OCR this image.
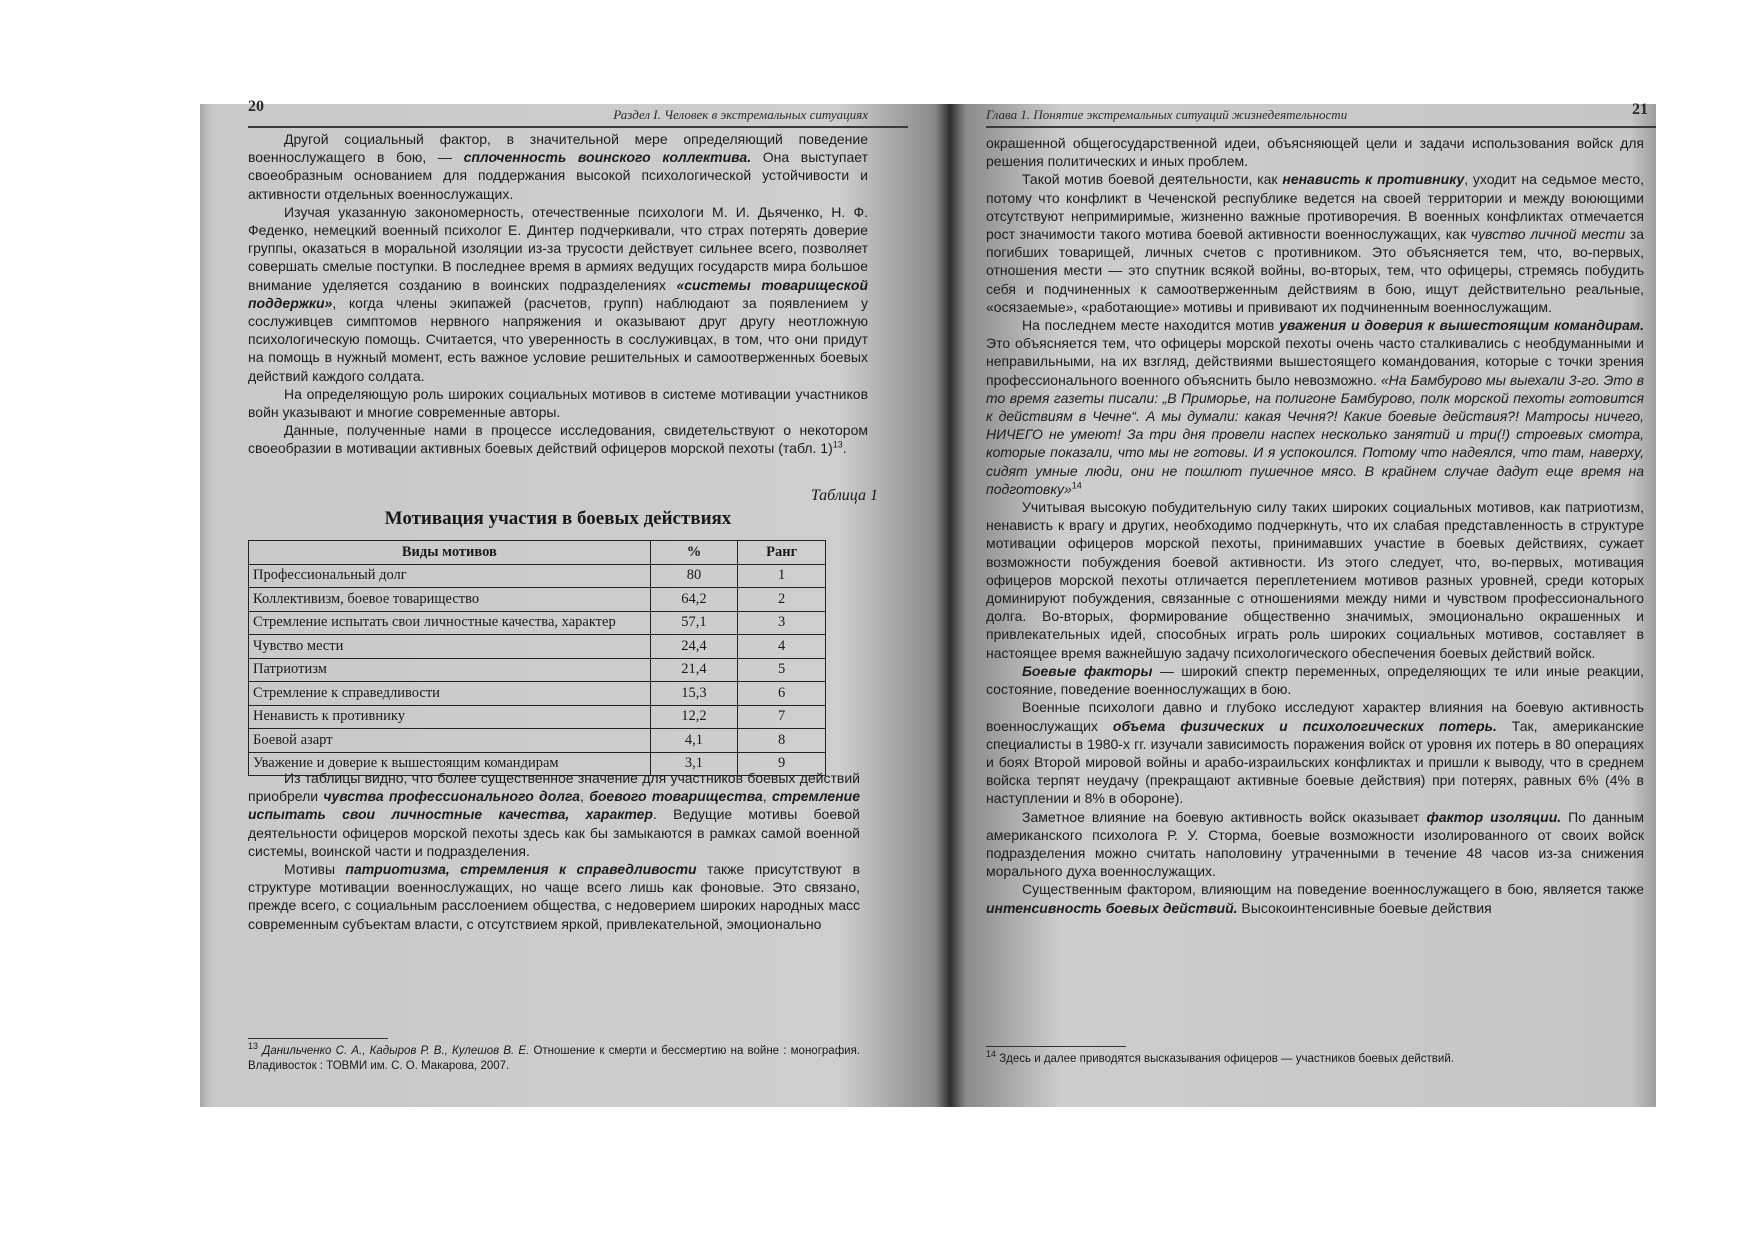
20	Раздел I. Человек в экстремальных ситуациях

Другой социальный фактор, в значительной мере определяющий поведение военнослужащего в бою, — сплоченность воинского коллектива. Она выступает своеобразным основанием для поддержания высокой психологической устойчивости и активности отдельных военнослужащих.

Изучая указанную закономерность, отечественные психологи М. И. Дьяченко, Н. Ф. Феденко, немецкий военный психолог Е. Динтер подчеркивали, что страх потерять доверие группы, оказаться в моральной изоляции из-за трусости действует сильнее всего, позволяет совершать смелые поступки. В последнее время в армиях ведущих государств мира большое внимание уделяется созданию в воинских подразделениях «системы товарищеской поддержки», когда члены экипажей (расчетов, групп) наблюдают за появлением у сослуживцев симптомов нервного напряжения и оказывают друг другу неотложную психологическую помощь. Считается, что уверенность в сослуживцах, в том, что они придут на помощь в нужный момент, есть важное условие решительных и самоотверженных боевых действий каждого солдата.

На определяющую роль широких социальных мотивов в системе мотивации участников войн указывают и многие современные авторы.

Данные, полученные нами в процессе исследования, свидетельствуют о некотором своеобразии в мотивации активных боевых действий офицеров морской пехоты (табл. 1)$^{13}$.

Таблица 1
Мотивация участия в боевых действиях
Виды мотивов	%	Ранг
Профессиональный долг	80	1
Коллективизм, боевое товарищество	64,2	2
Стремление испытать свои личностные качества, характер	57,1	3
Чувство мести	24,4	4
Патриотизм	21,4	5
Стремление к справедливости	15,3	6
Ненависть к противнику	12,2	7
Боевой азарт	4,1	8
Уважение и доверие к вышестоящим командирам	3,1	9

Из таблицы видно, что более существенное значение для участников боевых действий приобрели чувства профессионального долга, боевого товарищества, стремление испытать свои личностные качества, характер. Ведущие мотивы боевой деятельности офицеров морской пехоты здесь как бы замыкаются в рамках самой военной системы, воинской части и подразделения.

Мотивы патриотизма, стремления к справедливости также присутствуют в структуре мотивации военнослужащих, но чаще всего лишь как фоновые. Это связано, прежде всего, с социальным расслоением общества, с недоверием широких народных масс современным субъектам власти, с отсутствием яркой, привлекательной, эмоционально

$^{13}$ Данильченко С. А., Кадыров Р. В., Кулешов В. Е. Отношение к смерти и бессмертию на войне : монография. Владивосток : ТОВМИ им. С. О. Макарова, 2007.
Глава 1. Понятие экстремальных ситуаций жизнедеятельности	21

окрашенной общегосударственной идеи, объясняющей цели и задачи использования войск для решения политических и иных проблем.

Такой мотив боевой деятельности, как ненависть к противнику, уходит на седьмое место, потому что конфликт в Чеченской республике ведется на своей территории и между воюющими отсутствуют непримиримые, жизненно важные противоречия. В военных конфликтах отмечается рост значимости такого мотива боевой активности военнослужащих, как чувство личной мести за погибших товарищей, личных счетов с противником. Это объясняется тем, что, во-первых, отношения мести — это спутник всякой войны, во-вторых, тем, что офицеры, стремясь побудить себя и подчиненных к самоотверженным действиям в бою, ищут действительно реальные, «осязаемые», «работающие» мотивы и прививают их подчиненным военнослужащим.

На последнем месте находится мотив уважения и доверия к вышестоящим командирам. Это объясняется тем, что офицеры морской пехоты очень часто сталкивались с необдуманными и неправильными, на их взгляд, действиями вышестоящего командования, которые с точки зрения профессионального военного объяснить было невозможно. «На Бамбурово мы выехали 3-го. Это в то время газеты писали: „В Приморье, на полигоне Бамбурово, полк морской пехоты готовится к действиям в Чечне“. А мы думали: какая Чечня?! Какие боевые действия?! Матросы ничего, НИЧЕГО не умеют! За три дня провели наспех несколько занятий и три(!) строевых смотра, которые показали, что мы не готовы. И я успокоился. Потому что надеялся, что там, наверху, сидят умные люди, они не пошлют пушечное мясо. В крайнем случае дадут еще время на подготовку»$^{14}$

Учитывая высокую побудительную силу таких широких социальных мотивов, как патриотизм, ненависть к врагу и других, необходимо подчеркнуть, что их слабая представленность в структуре мотивации офицеров морской пехоты, принимавших участие в боевых действиях, сужает возможности побуждения боевой активности. Из этого следует, что, во-первых, мотивация офицеров морской пехоты отличается переплетением мотивов разных уровней, среди которых доминируют побуждения, связанные с отношениями между ними и чувством профессионального долга. Во-вторых, формирование общественно значимых, эмоционально окрашенных и привлекательных идей, способных играть роль широких социальных мотивов, составляет в настоящее время важнейшую задачу психологического обеспечения боевых действий войск.

Боевые факторы — широкий спектр переменных, определяющих те или иные реакции, состояние, поведение военнослужащих в бою.

Военные психологи давно и глубоко исследуют характер влияния на боевую активность военнослужащих объема физических и психологических потерь. Так, американские специалисты в 1980-х гг. изучали зависимость поражения войск от уровня их потерь в 80 операциях и боях Второй мировой войны и арабо-израильских конфликтах и пришли к выводу, что в среднем войска терпят неудачу (прекращают активные боевые действия) при потерях, равных 6% (4% в наступлении и 8% в обороне).

Заметное влияние на боевую активность войск оказывает фактор изоляции. По данным американского психолога Р. У. Сторма, боевые возможности изолированного от своих войск подразделения можно считать наполовину утраченными в течение 48 часов из-за снижения морального духа военнослужащих.

Существенным фактором, влияющим на поведение военнослужащего в бою, является также интенсивность боевых действий. Высокоинтенсивные боевые действия

$^{14}$ Здесь и далее приводятся высказывания офицеров — участников боевых действий.
